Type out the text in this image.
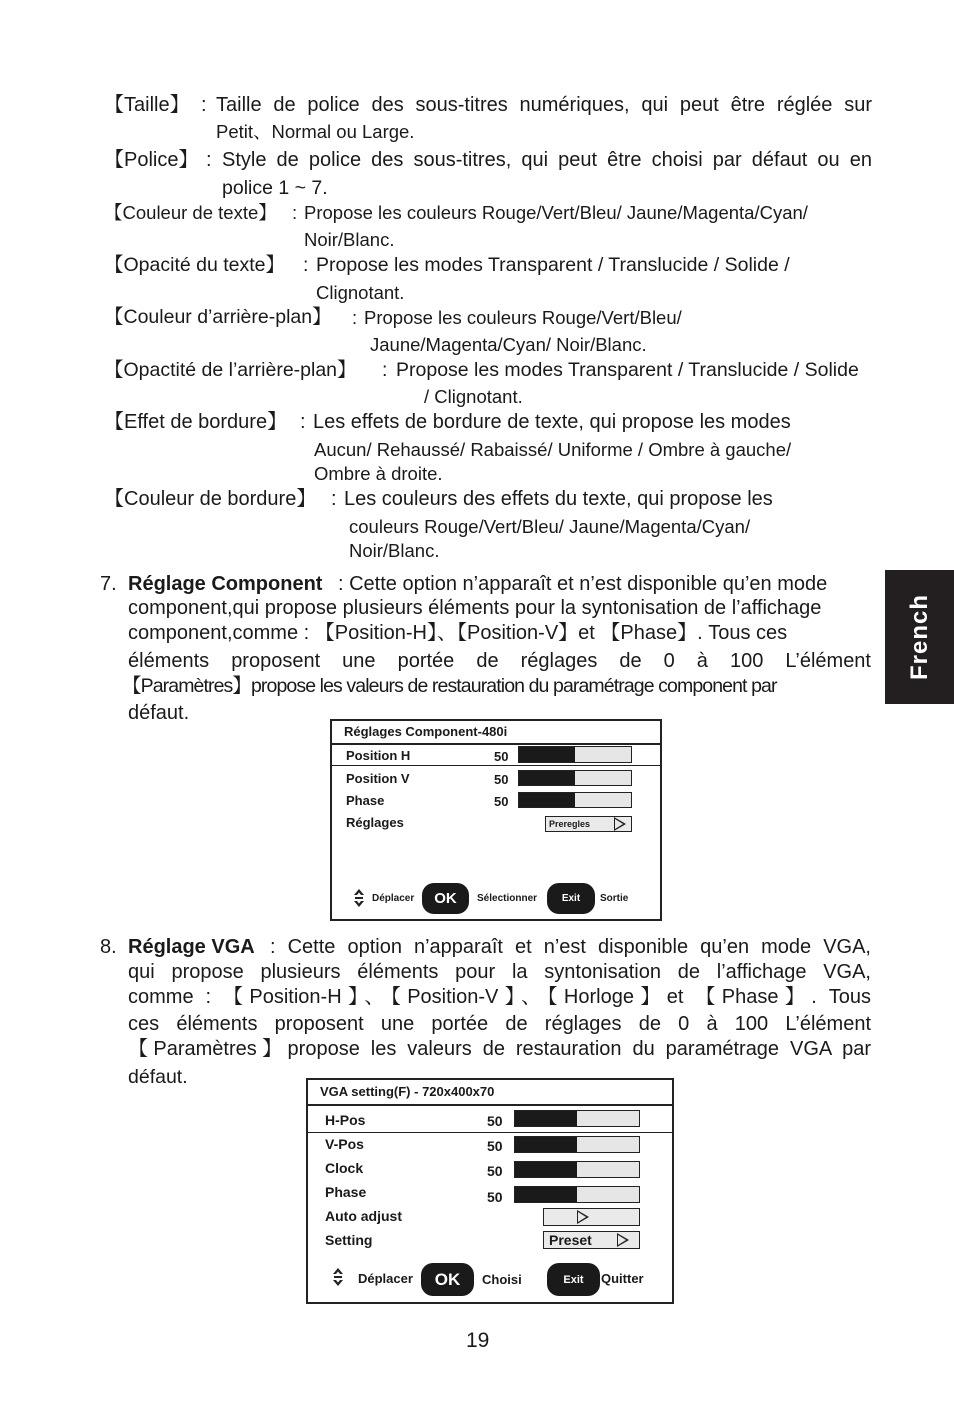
【Taille】 : Taille de police des sous-titres numériques, qui peut être réglée sur
Petit、Normal ou Large.
【Police】 : Style de police des sous-titres, qui peut être choisi par défaut ou en
police 1 ~ 7.
【Couleur de texte】 : Propose les couleurs Rouge/Vert/Bleu/ Jaune/Magenta/Cyan/
Noir/Blanc.
【Opacité du texte】 : Propose les modes Transparent / Translucide / Solide /
Clignotant.
【Couleur d’arrière-plan】 : Propose les couleurs Rouge/Vert/Bleu/
Jaune/Magenta/Cyan/ Noir/Blanc.
【Opactité de l’arrière-plan】 : Propose les modes Transparent / Translucide / Solide
/ Clignotant.
【Effet de bordure】 : Les effets de bordure de texte, qui propose les modes
Aucun/ Rehaussé/ Rabaissé/ Uniforme / Ombre à gauche/
Ombre à droite.
【Couleur de bordure】 : Les couleurs des effets du texte, qui propose les
couleurs Rouge/Vert/Bleu/ Jaune/Magenta/Cyan/
Noir/Blanc.
7. Réglage Component : Cette option n’apparaît et n’est disponible qu’en mode
component,qui propose plusieurs éléments pour la syntonisation de l’affichage
component,comme : 【Position-H】、【Position-V】et 【Phase】. Tous ces
éléments proposent une portée de réglages de 0 à 100 L’élément
【Paramètres】propose les valeurs de restauration du paramétrage component par
défaut.
French
Réglages Component-480i
Position H	50
Position V	50
Phase	50
Réglages	Preregles
Déplacer	OK	Sélectionner	Exit	Sortie
8. Réglage VGA : Cette option n’apparaît et n’est disponible qu’en mode VGA,
qui propose plusieurs éléments pour la syntonisation de l’affichage VGA,
comme : 【Position-H】、【Position-V】、【Horloge】et 【Phase】. Tous
ces éléments proposent une portée de réglages de 0 à 100 L’élément
【Paramètres】propose les valeurs de restauration du paramétrage VGA par
défaut.
VGA setting(F) - 720x400x70
H-Pos	50
V-Pos	50
Clock	50
Phase	50
Auto adjust
Setting	Preset
Déplacer	OK	Choisi	Exit	Quitter
19
